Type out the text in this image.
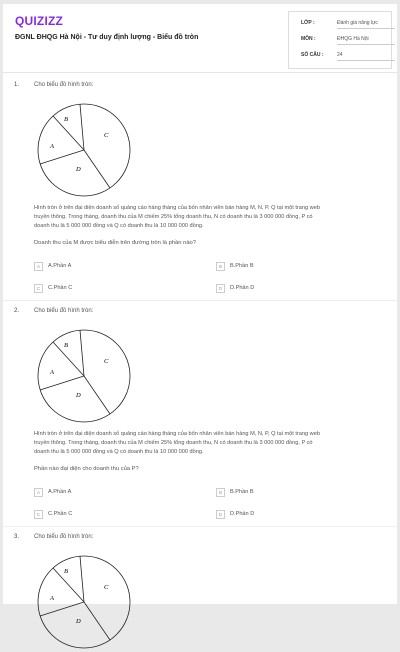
QUIZIZZ
ĐGNL ĐHQG Hà Nội - Tư duy định lượng - Biểu đồ tròn
LỚP :	Đánh giá năng lực
MÔN :	ĐHQG Hà Nội
SỐ CÂU :	24
1. Cho biểu đồ hình tròn:
A
B
C
D
Hình tròn ở trên đại diện doanh số quảng cáo hàng tháng của bốn nhân viên bán hàng M, N, P, Q tại một trang web
truyền thông. Trong tháng, doanh thu của M chiếm 25% tổng doanh thu, N có doanh thu là 3 000 000 đồng, P có
doanh thu là 5 000 000 đồng và Q có doanh thu là 10 000 000 đồng.
Doanh thu của M được biểu diễn trên đường tròn là phần nào?
A	A.Phần A	B	B.Phần B
C	C.Phần C	D	D.Phần D
2. Cho biểu đồ hình tròn:
A
B
C
D
Hình tròn ở trên đại diện doanh số quảng cáo hàng tháng của bốn nhân viên bán hàng M, N, P, Q tại một trang web
truyền thông. Trong tháng, doanh thu của M chiếm 25% tổng doanh thu, N có doanh thu là 3 000 000 đồng, P có
doanh thu là 5 000 000 đồng và Q có doanh thu là 10 000 000 đồng.
Phần nào đại diện cho doanh thu của P?
A	A.Phần A	B	B.Phần B
C	C.Phần C	D	D.Phần D
3. Cho biểu đồ hình tròn:
A
B
C
D
